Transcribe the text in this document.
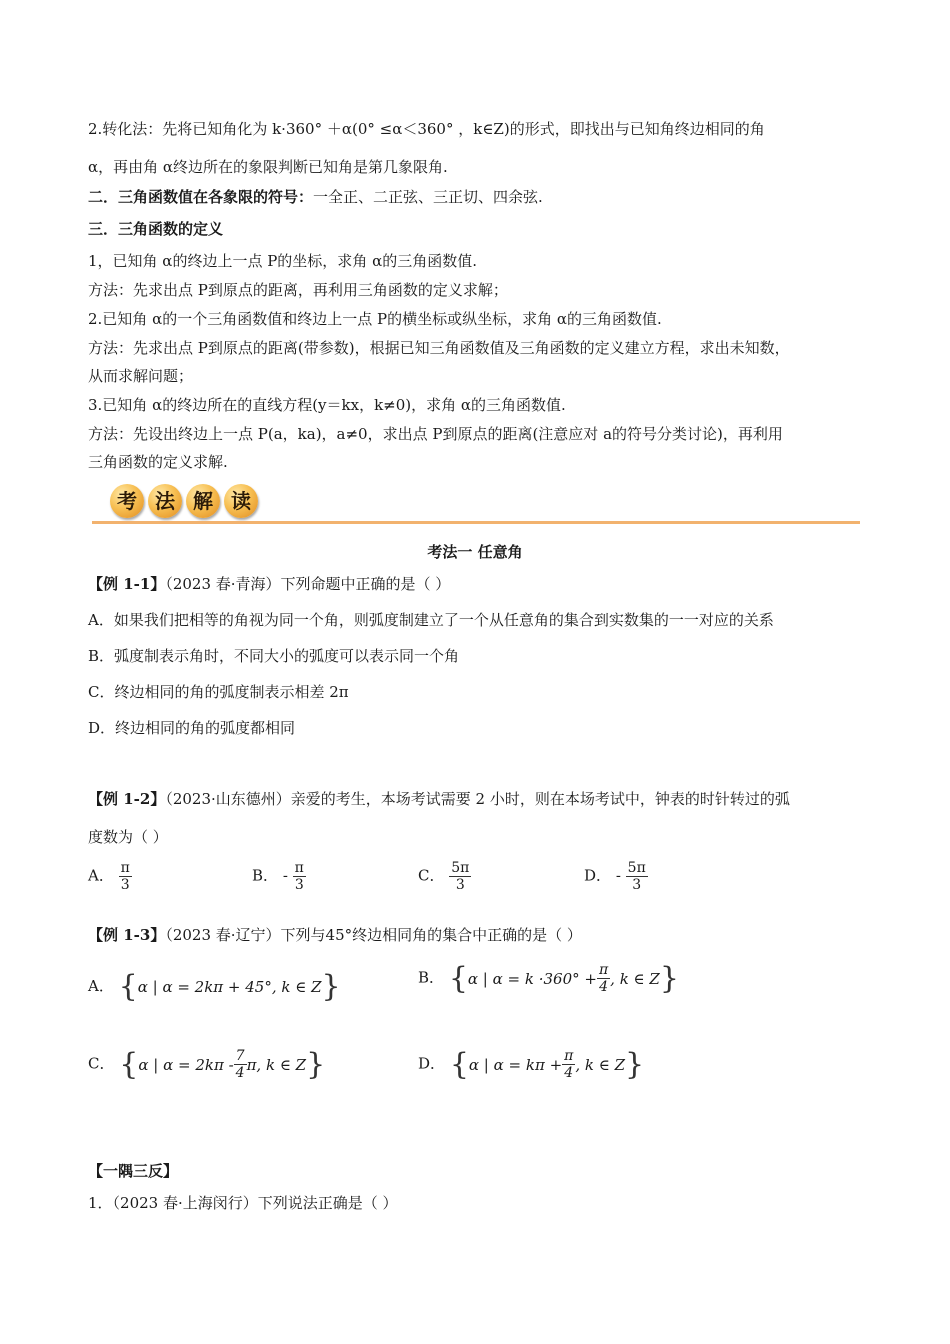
2.转化法：先将已知角化为 k·360° ＋α(0° ≤α＜360° ，k∈Z)的形式，即找出与已知角终边相同的角
α，再由角 α终边所在的象限判断已知角是第几象限角.
二．三角函数值在各象限的符号：一全正、二正弦、三正切、四余弦.
三．三角函数的定义
1，已知角 α的终边上一点 P的坐标，求角 α的三角函数值.
方法：先求出点 P到原点的距离，再利用三角函数的定义求解；
2.已知角 α的一个三角函数值和终边上一点 P的横坐标或纵坐标，求角 α的三角函数值.
方法：先求出点 P到原点的距离(带参数)，根据已知三角函数值及三角函数的定义建立方程，求出未知数，
从而求解问题；
3.已知角 α的终边所在的直线方程(y＝kx，k≠0)，求角 α的三角函数值.
方法：先设出终边上一点 P(a，ka)，a≠0，求出点 P到原点的距离(注意应对 a的符号分类讨论)，再利用
三角函数的定义求解.
考 法 解 读
考法一 任意角
【例 1-1】（2023 春·青海）下列命题中正确的是（ ）
A．如果我们把相等的角视为同一个角，则弧度制建立了一个从任意角的集合到实数集的一一对应的关系
B．弧度制表示角时，不同大小的弧度可以表示同一个角
C．终边相同的角的弧度制表示相差 2π
D．终边相同的角的弧度都相同
【例 1-2】（2023·山东德州）亲爱的考生，本场考试需要 2 小时，则在本场考试中，钟表的时针转过的弧
度数为（ ）
A． $\frac{\pi}{3}$	B． - $\frac{\pi}{3}$	C． $\frac{5\pi}{3}$	D． - $\frac{5\pi}{3}$
【例 1-3】（2023 春·辽宁）下列与45°终边相同角的集合中正确的是（ ）
A． { α | α = 2kπ + 45°, k ∈ Z }	B． { α | $\alpha = k \cdot 360^\circ + \frac{\pi}{4}$ , k ∈ Z }
C． { α | $\alpha = 2k\pi - \frac{7}{4} \pi$, k ∈ Z }	D． { α | $\alpha = k\pi + \frac{\pi}{4}$ , k ∈ Z }
【一隅三反】
1．（2023 春·上海闵行）下列说法正确是（ ）
